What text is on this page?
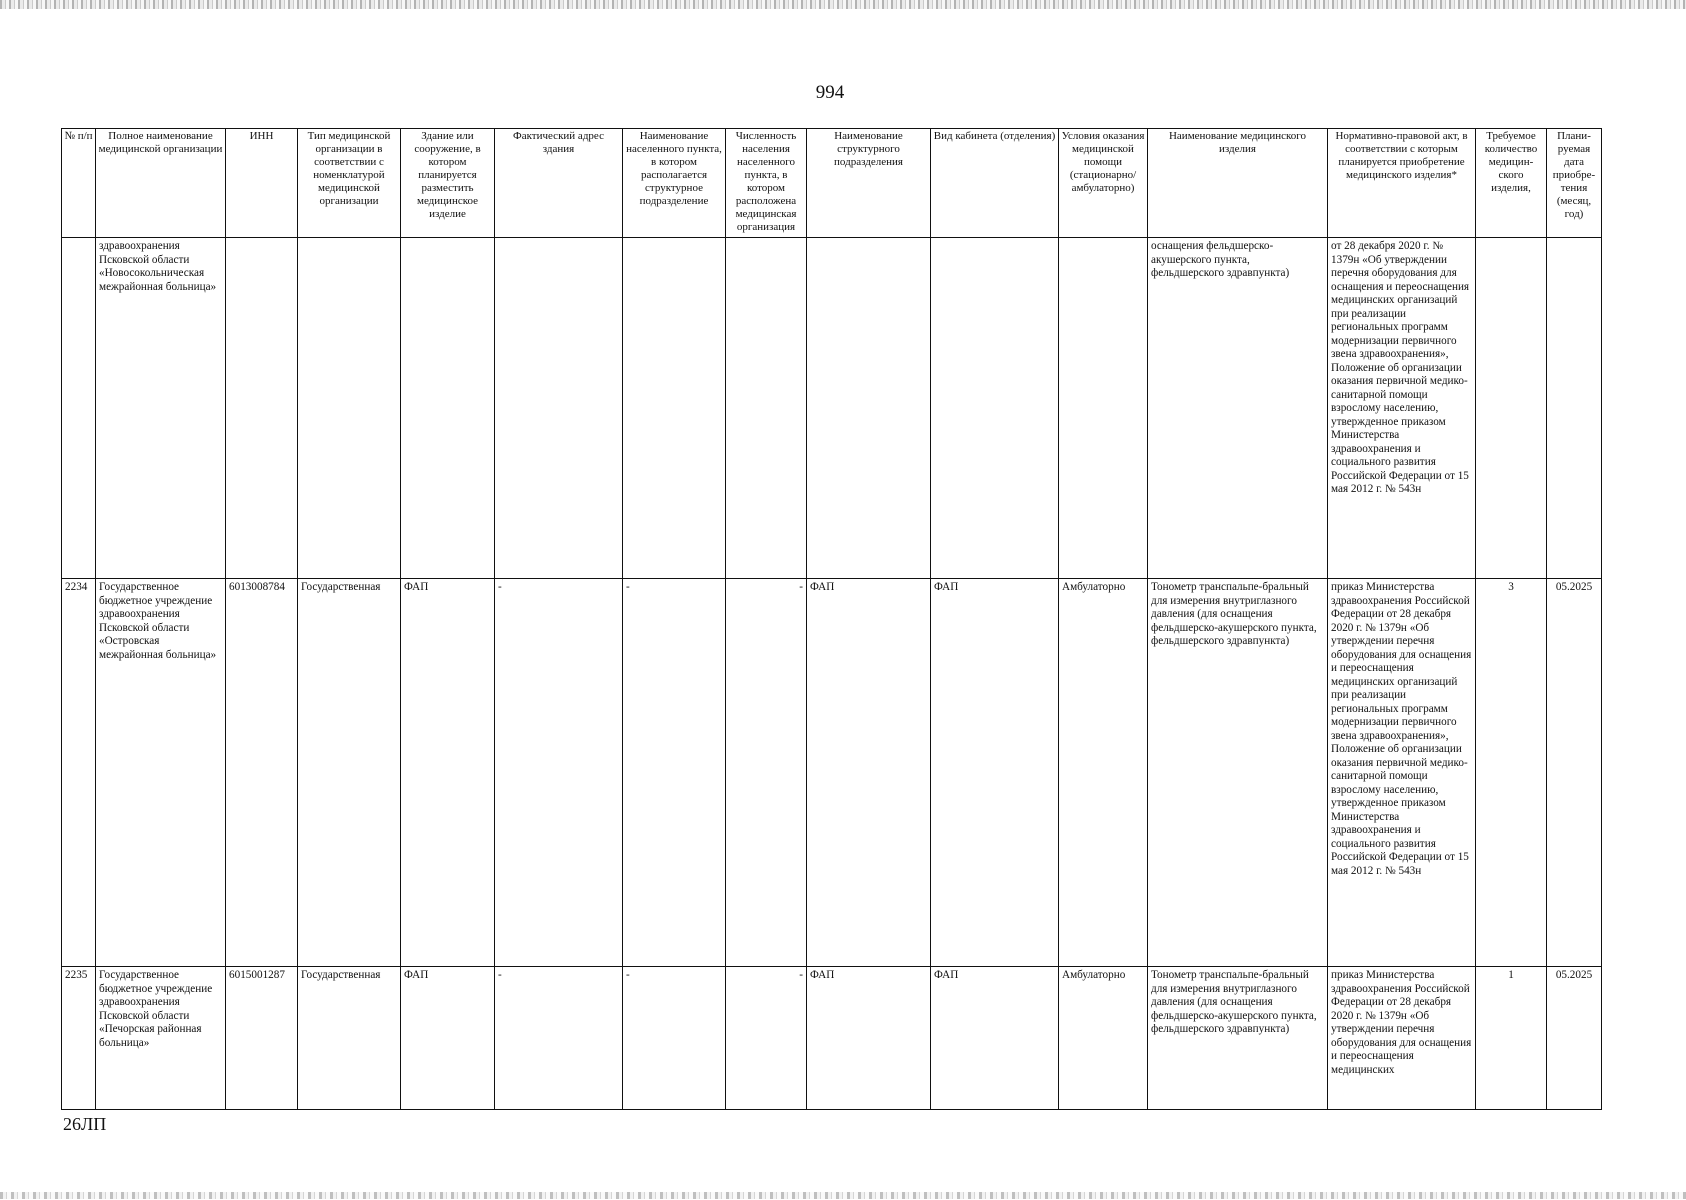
994
№ п/п	Полное наименование медицинской организации	ИНН	Тип медицинской организации в соответствии с номенклатурой медицинской организации	Здание или сооружение, в котором планируется разместить медицинское изделие	Фактический адрес здания	Наименование населенного пункта, в котором располагается структурное подразделение	Численность населения населенного пункта, в котором расположена медицинская организация	Наименование структурного подразделения	Вид кабинета (отделения)	Условия оказания медицинской помощи (стационарно/ амбулаторно)	Наименование медицинского изделия	Нормативно-правовой акт, в соответствии с которым планируется приобретение медицинского изделия*	Требуемое количество медицин-ского изделия,	Плани-руемая дата приобре-тения (месяц, год)
	здравоохранения Псковской области «Новосокольническая межрайонная больница»										оснащения фельдшерско-акушерского пункта, фельдшерского здравпункта)	от 28 декабря 2020 г. № 1379н «Об утверждении перечня оборудования для оснащения и переоснащения медицинских организаций при реализации региональных программ модернизации первичного звена здравоохранения», Положение об организации оказания первичной медико-санитарной помощи взрослому населению, утвержденное приказом Министерства здравоохранения и социального развития Российской Федерации от 15 мая 2012 г. № 543н		
2234	Государственное бюджетное учреждение здравоохранения Псковской области «Островская межрайонная больница»	6013008784	Государственная	ФАП	-	-	-	ФАП	ФАП	Амбулаторно	Тонометр транспальпе-бральный для измерения внутриглазного давления (для оснащения фельдшерско-акушерского пункта, фельдшерского здравпункта)	приказ Министерства здравоохранения Российской Федерации от 28 декабря 2020 г. № 1379н «Об утверждении перечня оборудования для оснащения и переоснащения медицинских организаций при реализации региональных программ модернизации первичного звена здравоохранения», Положение об организации оказания первичной медико-санитарной помощи взрослому населению, утвержденное приказом Министерства здравоохранения и социального развития Российской Федерации от 15 мая 2012 г. № 543н	3	05.2025
2235	Государственное бюджетное учреждение здравоохранения Псковской области «Печорская районная больница»	6015001287	Государственная	ФАП	-	-	-	ФАП	ФАП	Амбулаторно	Тонометр транспальпе-бральный для измерения внутриглазного давления (для оснащения фельдшерско-акушерского пункта, фельдшерского здравпункта)	приказ Министерства здравоохранения Российской Федерации от 28 декабря 2020 г. № 1379н «Об утверждении перечня оборудования для оснащения и переоснащения медицинских	1	05.2025
26ЛП
